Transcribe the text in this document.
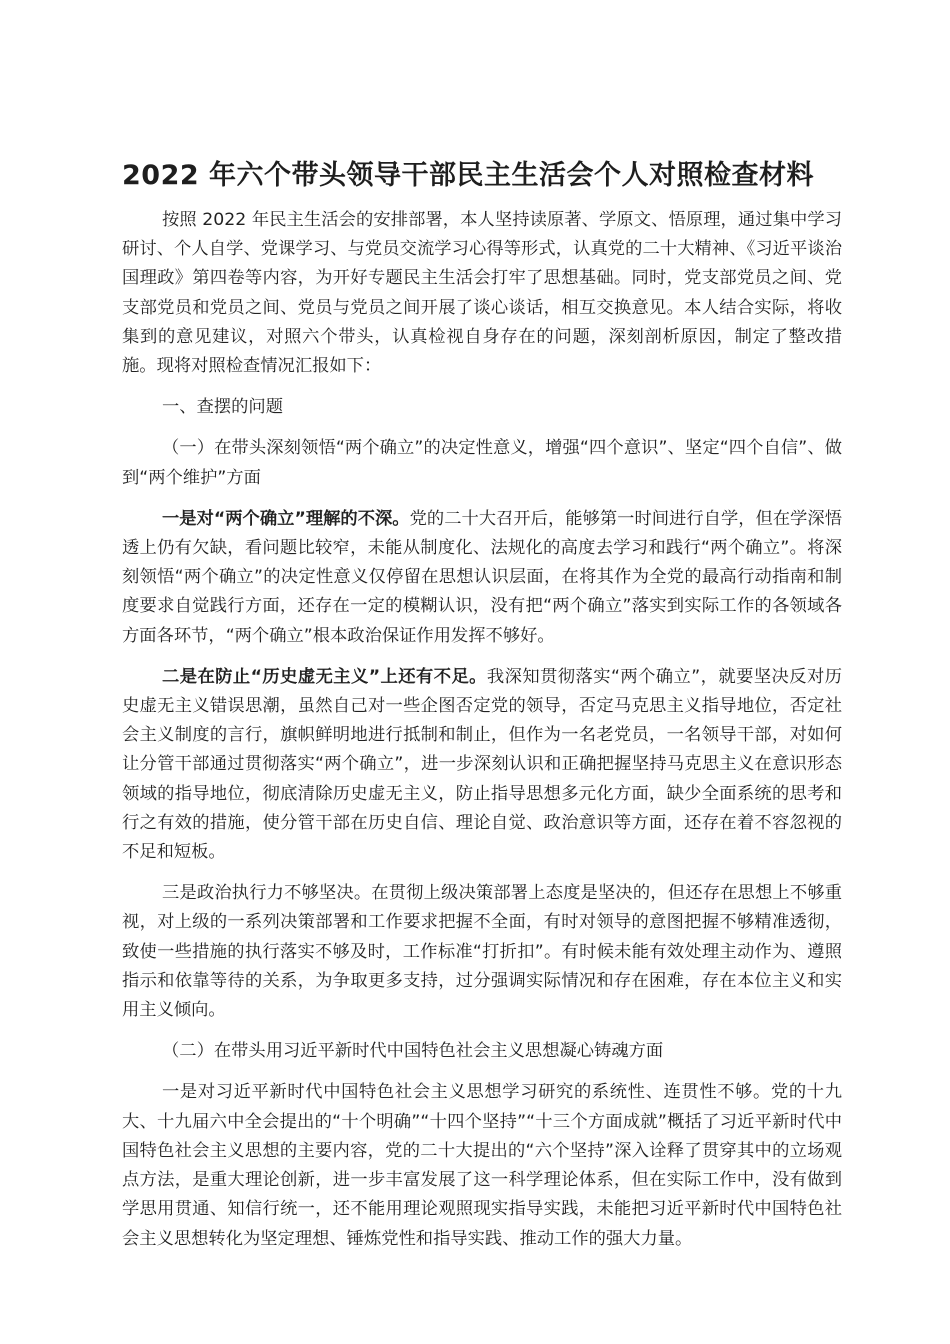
2022 年六个带头领导干部民主生活会个人对照检查材料

按照 2022 年民主生活会的安排部署，本人坚持读原著、学原文、悟原理，通过集中学习研讨、个人自学、党课学习、与党员交流学习心得等形式，认真党的二十大精神、《习近平谈治国理政》第四卷等内容，为开好专题民主生活会打牢了思想基础。同时，党支部党员之间、党支部党员和党员之间、党员与党员之间开展了谈心谈话，相互交换意见。本人结合实际，将收集到的意见建议，对照六个带头，认真检视自身存在的问题，深刻剖析原因，制定了整改措施。现将对照检查情况汇报如下：

一、查摆的问题

（一）在带头深刻领悟“两个确立”的决定性意义，增强“四个意识”、坚定“四个自信”、做到“两个维护”方面

一是对“两个确立”理解的不深。党的二十大召开后，能够第一时间进行自学，但在学深悟透上仍有欠缺，看问题比较窄，未能从制度化、法规化的高度去学习和践行“两个确立”。将深刻领悟“两个确立”的决定性意义仅停留在思想认识层面，在将其作为全党的最高行动指南和制度要求自觉践行方面，还存在一定的模糊认识，没有把“两个确立”落实到实际工作的各领域各方面各环节，“两个确立”根本政治保证作用发挥不够好。

二是在防止“历史虚无主义”上还有不足。我深知贯彻落实“两个确立”，就要坚决反对历史虚无主义错误思潮，虽然自己对一些企图否定党的领导，否定马克思主义指导地位，否定社会主义制度的言行，旗帜鲜明地进行抵制和制止，但作为一名老党员，一名领导干部，对如何让分管干部通过贯彻落实“两个确立”，进一步深刻认识和正确把握坚持马克思主义在意识形态领域的指导地位，彻底清除历史虚无主义，防止指导思想多元化方面，缺少全面系统的思考和行之有效的措施，使分管干部在历史自信、理论自觉、政治意识等方面，还存在着不容忽视的不足和短板。

三是政治执行力不够坚决。在贯彻上级决策部署上态度是坚决的，但还存在思想上不够重视，对上级的一系列决策部署和工作要求把握不全面，有时对领导的意图把握不够精准透彻，致使一些措施的执行落实不够及时，工作标准“打折扣”。有时候未能有效处理主动作为、遵照指示和依靠等待的关系，为争取更多支持，过分强调实际情况和存在困难，存在本位主义和实用主义倾向。

（二）在带头用习近平新时代中国特色社会主义思想凝心铸魂方面

一是对习近平新时代中国特色社会主义思想学习研究的系统性、连贯性不够。党的十九大、十九届六中全会提出的“十个明确”“十四个坚持”“十三个方面成就”概括了习近平新时代中国特色社会主义思想的主要内容，党的二十大提出的“六个坚持”深入诠释了贯穿其中的立场观点方法，是重大理论创新，进一步丰富发展了这一科学理论体系，但在实际工作中，没有做到学思用贯通、知信行统一，还不能用理论观照现实指导实践，未能把习近平新时代中国特色社会主义思想转化为坚定理想、锤炼党性和指导实践、推动工作的强大力量。
